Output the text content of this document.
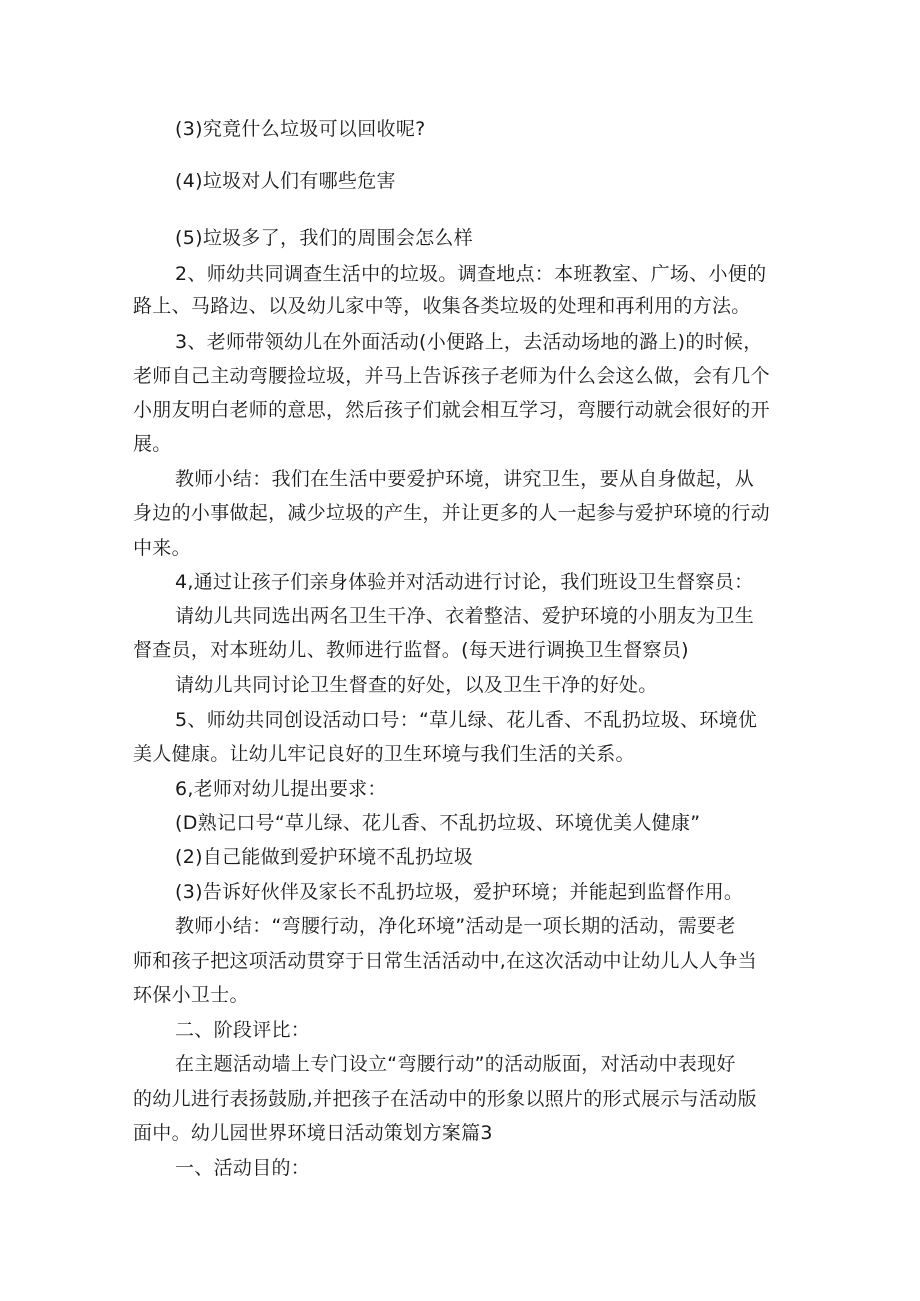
(3)究竟什么垃圾可以回收呢?
(4)垃圾对人们有哪些危害
(5)垃圾多了，我们的周围会怎么样
2、师幼共同调查生活中的垃圾。调查地点：本班教室、广场、小便的
路上、马路边、以及幼儿家中等，收集各类垃圾的处理和再利用的方法。
3、老师带领幼儿在外面活动(小便路上，去活动场地的潞上)的时候，
老师自己主动弯腰捡垃圾，并马上告诉孩子老师为什么会这么做，会有几个
小朋友明白老师的意思，然后孩子们就会相互学习，弯腰行动就会很好的开
展。
教师小结：我们在生活中要爱护环境，讲究卫生，要从自身做起，从
身边的小事做起，减少垃圾的产生，并让更多的人一起参与爱护环境的行动
中来。
4,通过让孩子们亲身体验并对活动进行讨论，我们班设卫生督察员：
请幼儿共同选出两名卫生干净、衣着整洁、爱护环境的小朋友为卫生
督查员，对本班幼儿、教师进行监督。(每天进行调换卫生督察员)
请幼儿共同讨论卫生督查的好处，以及卫生干净的好处。
5、师幼共同创设活动口号：“草儿绿、花儿香、不乱扔垃圾、环境优
美人健康。让幼儿牢记良好的卫生环境与我们生活的关系。
6,老师对幼儿提出要求：
(D熟记口号“草儿绿、花儿香、不乱扔垃圾、环境优美人健康”
(2)自己能做到爱护环境不乱扔垃圾
(3)告诉好伙伴及家长不乱扔垃圾，爱护环境；并能起到监督作用。
教师小结：“弯腰行动，净化环境”活动是一项长期的活动，需要老
师和孩子把这项活动贯穿于日常生活活动中,在这次活动中让幼儿人人争当
环保小卫士。
二、阶段评比：
在主题活动墙上专门设立“弯腰行动”的活动版面，对活动中表现好
的幼儿进行表扬鼓励,并把孩子在活动中的形象以照片的形式展示与活动版
面中。幼儿园世界环境日活动策划方案篇3
一、活动目的：
